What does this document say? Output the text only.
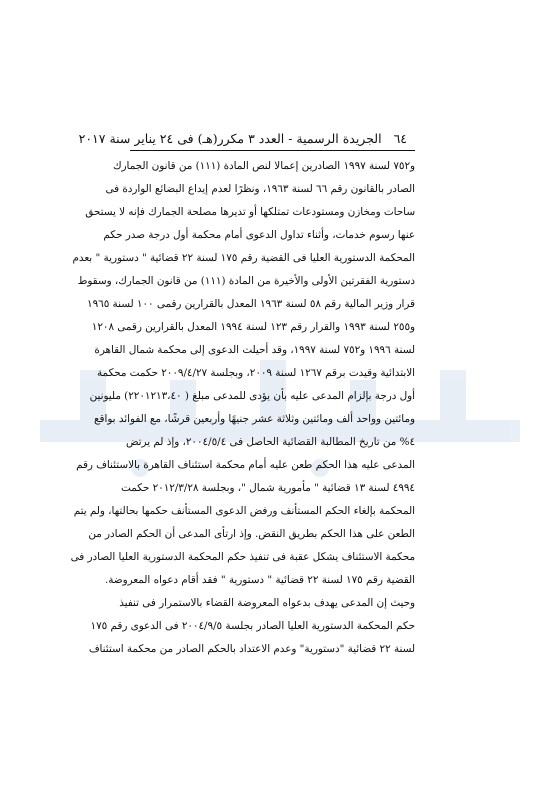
٦٤
الجريدة الرسمية - العدد ٣ مكرر(هـ) فى ٢٤ يناير سنة ٢٠١٧
و٧٥٢ لسنة ١٩٩٧ الصادرين إعمالا لنص المادة (١١١) من قانون الجمارك
الصادر بالقانون رقم ٦٦ لسنة ١٩٦٣، ونظرًا لعدم إيداع البضائع الواردة فى
ساحات ومخازن ومستودعات تمتلكها أو تديرها مصلحة الجمارك فإنه لا يستحق
عنها رسوم خدمات، وأثناء تداول الدعوى أمام محكمة أول درجة صدر حكم
المحكمة الدستورية العليا فى القضية رقم ١٧٥ لسنة ٢٢ قضائية " دستورية " بعدم
دستورية الفقرتين الأولى والأخيرة من المادة (١١١) من قانون الجمارك، وسقوط
قرار وزير المالية رقم ٥٨ لسنة ١٩٦٣ المعدل بالقرارين رقمى ١٠٠ لسنة ١٩٦٥
و٢٥٥ لسنة ١٩٩٣ والقرار رقم ١٢٣ لسنة ١٩٩٤ المعدل بالقرارين رقمى ١٢٠٨
لسنة ١٩٩٦ و٧٥٢ لسنة ١٩٩٧، وقد أحيلت الدعوى إلى محكمة شمال القاهرة
الابتدائية وقيدت برقم ١٢٦٧ لسنة ٢٠٠٩، وبجلسة ٢٠٠٩/٤/٢٧ حكمت محكمة
أول درجة بإلزام المدعى عليه بأن يؤدى للمدعى مبلغ ( ٢٢٠١٢١٣،٤٠) مليونين
ومائتين وواحد ألف ومائتين وثلاثة عشر جنيهًا وأربعين قرشًا، مع الفوائد بواقع
٤% من تاريخ المطالبة القضائية الحاصل فى ٢٠٠٤/٥/٤، وإذ لم يرتض
المدعى عليه هذا الحكم طعن عليه أمام محكمة استئناف القاهرة بالاستئناف رقم
٤٩٩٤ لسنة ١٣ قضائية " مأمورية شمال "، وبجلسة ٢٠١٢/٣/٢٨ حكمت
المحكمة بإلغاء الحكم المستأنف ورفض الدعوى المستأنف حكمها بحالتها، ولم يتم
الطعن على هذا الحكم بطريق النقض. وإذ ارتأى المدعى أن الحكم الصادر من
محكمة الاستئناف يشكل عقبة فى تنفيذ حكم المحكمة الدستورية العليا الصادر فى
القضية رقم ١٧٥ لسنة ٢٢ قضائية " دستورية " فقد أقام دعواه المعروضة.
وحيث إن المدعى يهدف بدعواه المعروضة القضاء بالاستمرار فى تنفيذ
حكم المحكمة الدستورية العليا الصادر بجلسة ٢٠٠٤/٩/٥ فى الدعوى رقم ١٧٥
لسنة ٢٢ قضائية "دستورية" وعدم الاعتداد بالحكم الصادر من محكمة استئناف
